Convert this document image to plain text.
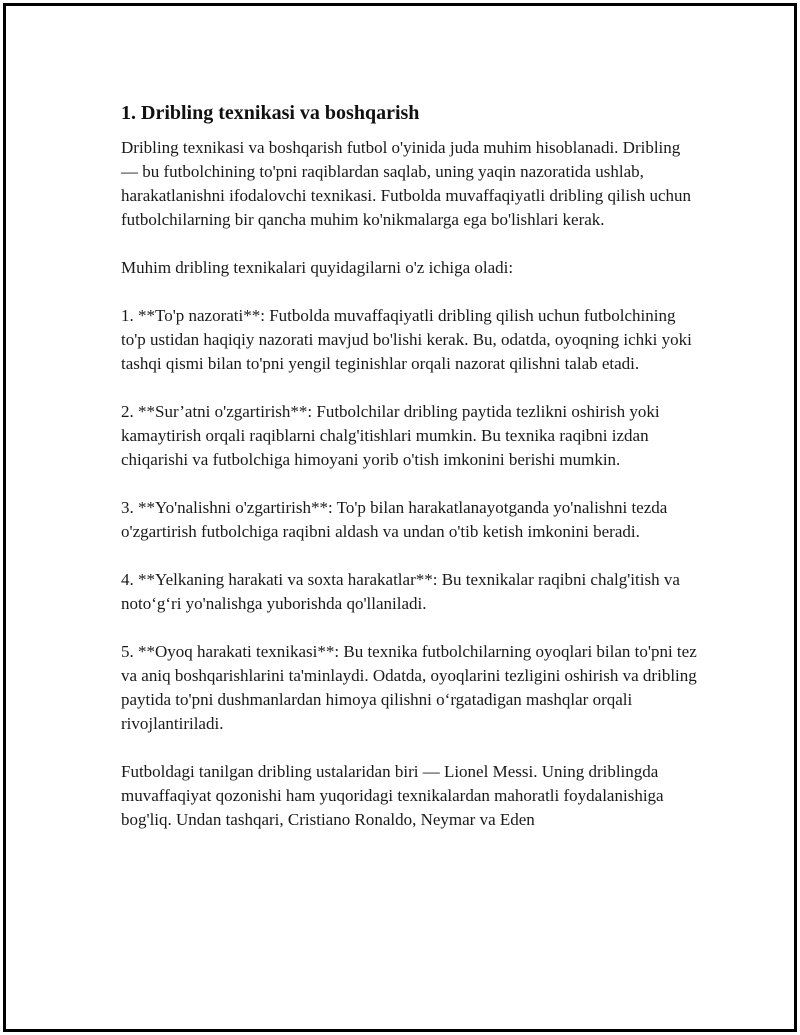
1. Dribling texnikasi va boshqarish

Dribling texnikasi va boshqarish futbol o'yinida juda muhim hisoblanadi. Dribling — bu futbolchining to'pni raqiblardan saqlab, uning yaqin nazoratida ushlab, harakatlanishni ifodalovchi texnikasi. Futbolda muvaffaqiyatli dribling qilish uchun futbolchilarning bir qancha muhim ko'nikmalarga ega bo'lishlari kerak.

Muhim dribling texnikalari quyidagilarni o'z ichiga oladi:

1. **To'p nazorati**: Futbolda muvaffaqiyatli dribling qilish uchun futbolchining to'p ustidan haqiqiy nazorati mavjud bo'lishi kerak. Bu, odatda, oyoqning ichki yoki tashqi qismi bilan to'pni yengil teginishlar orqali nazorat qilishni talab etadi.

2. **Sur’atni o'zgartirish**: Futbolchilar dribling paytida tezlikni oshirish yoki kamaytirish orqali raqiblarni chalg'itishlari mumkin. Bu texnika raqibni izdan chiqarishi va futbolchiga himoyani yorib o'tish imkonini berishi mumkin.

3. **Yo'nalishni o'zgartirish**: To'p bilan harakatlanayotganda yo'nalishni tezda o'zgartirish futbolchiga raqibni aldash va undan o'tib ketish imkonini beradi.

4. **Yelkaning harakati va soxta harakatlar**: Bu texnikalar raqibni chalg'itish va noto‘g‘ri yo'nalishga yuborishda qo'llaniladi.

5. **Oyoq harakati texnikasi**: Bu texnika futbolchilarning oyoqlari bilan to'pni tez va aniq boshqarishlarini ta'minlaydi. Odatda, oyoqlarini tezligini oshirish va dribling paytida to'pni dushmanlardan himoya qilishni o‘rgatadigan mashqlar orqali rivojlantiriladi.

Futboldagi tanilgan dribling ustalaridan biri — Lionel Messi. Uning driblingda muvaffaqiyat qozonishi ham yuqoridagi texnikalardan mahoratli foydalanishiga bog'liq. Undan tashqari, Cristiano Ronaldo, Neymar va Eden
